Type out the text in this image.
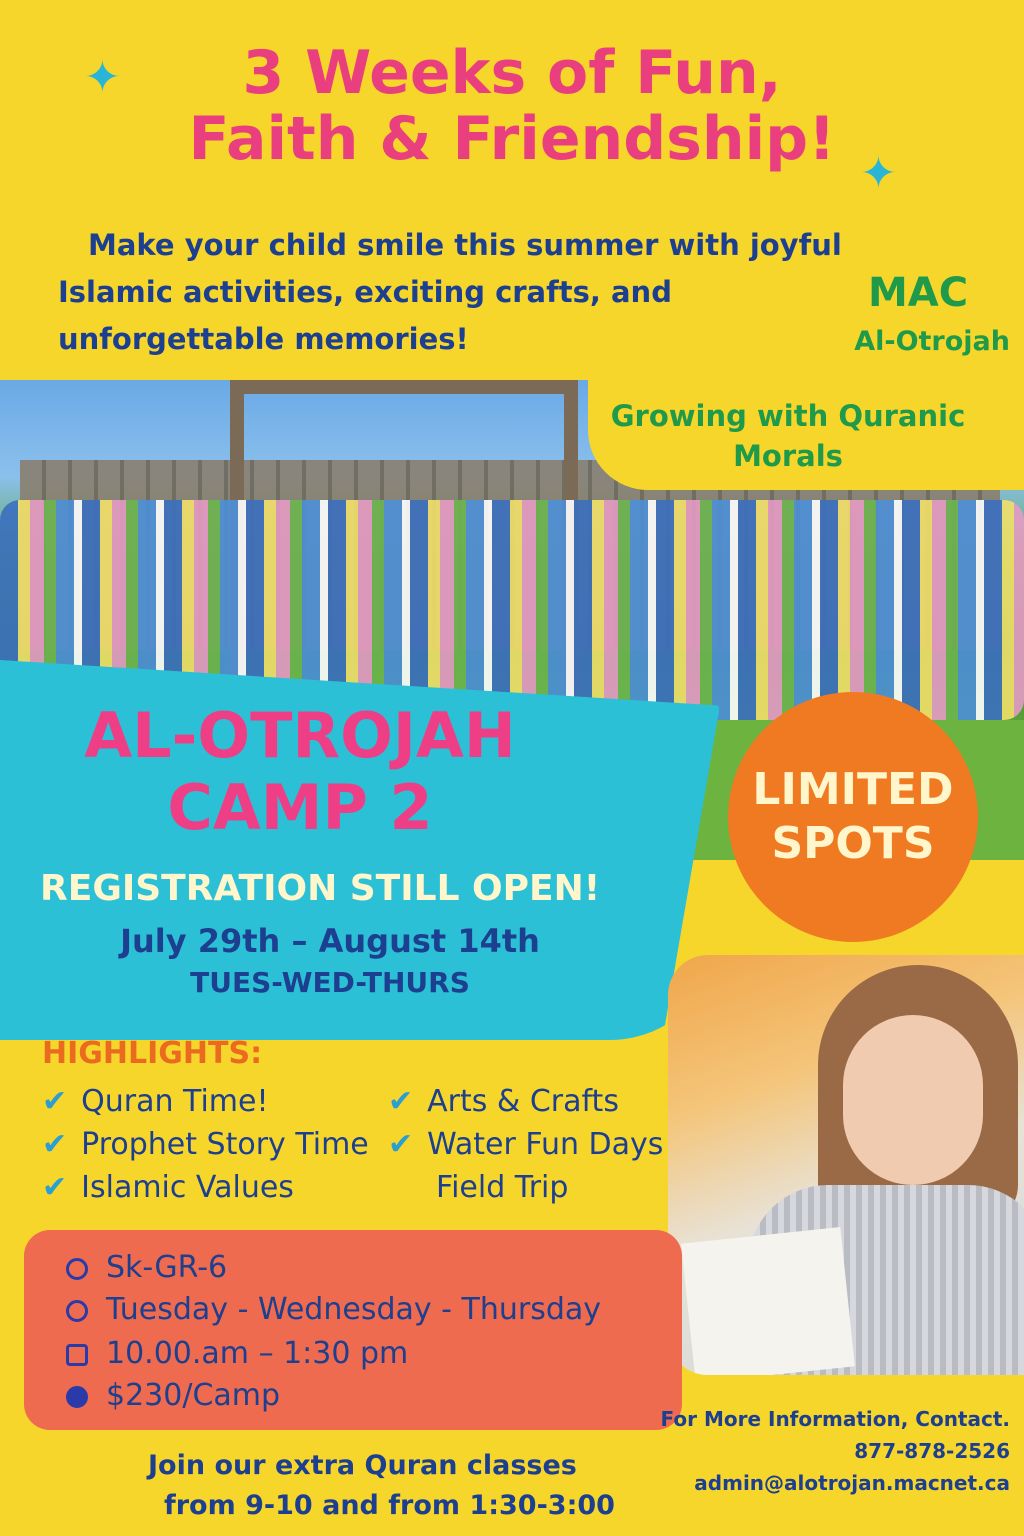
✦
✦
3 Weeks of Fun,
Faith & Friendship!
Make your child smile this summer with joyful
Islamic activities, exciting crafts, and
unforgettable memories!
MAC
Al-Otrojah
Growing with Quranic
Morals
AL-OTROJAH
CAMP 2
REGISTRATION STILL OPEN!
July 29th – August 14th
TUES-WED-THURS
LIMITED
SPOTS
HIGHLIGHTS:
✔ Quran Time!
✔ Prophet Story Time
✔ Islamic Values
✔ Arts & Crafts
✔ Water Fun Days
Field Trip
Sk-GR-6
Tuesday - Wednesday - Thursday
10.00.am – 1:30 pm
$230/Camp
Join our extra Quran classes
from 9-10 and from 1:30-3:00
For More Information, Contact.
877-878-2526
admin@alotrojan.macnet.ca
